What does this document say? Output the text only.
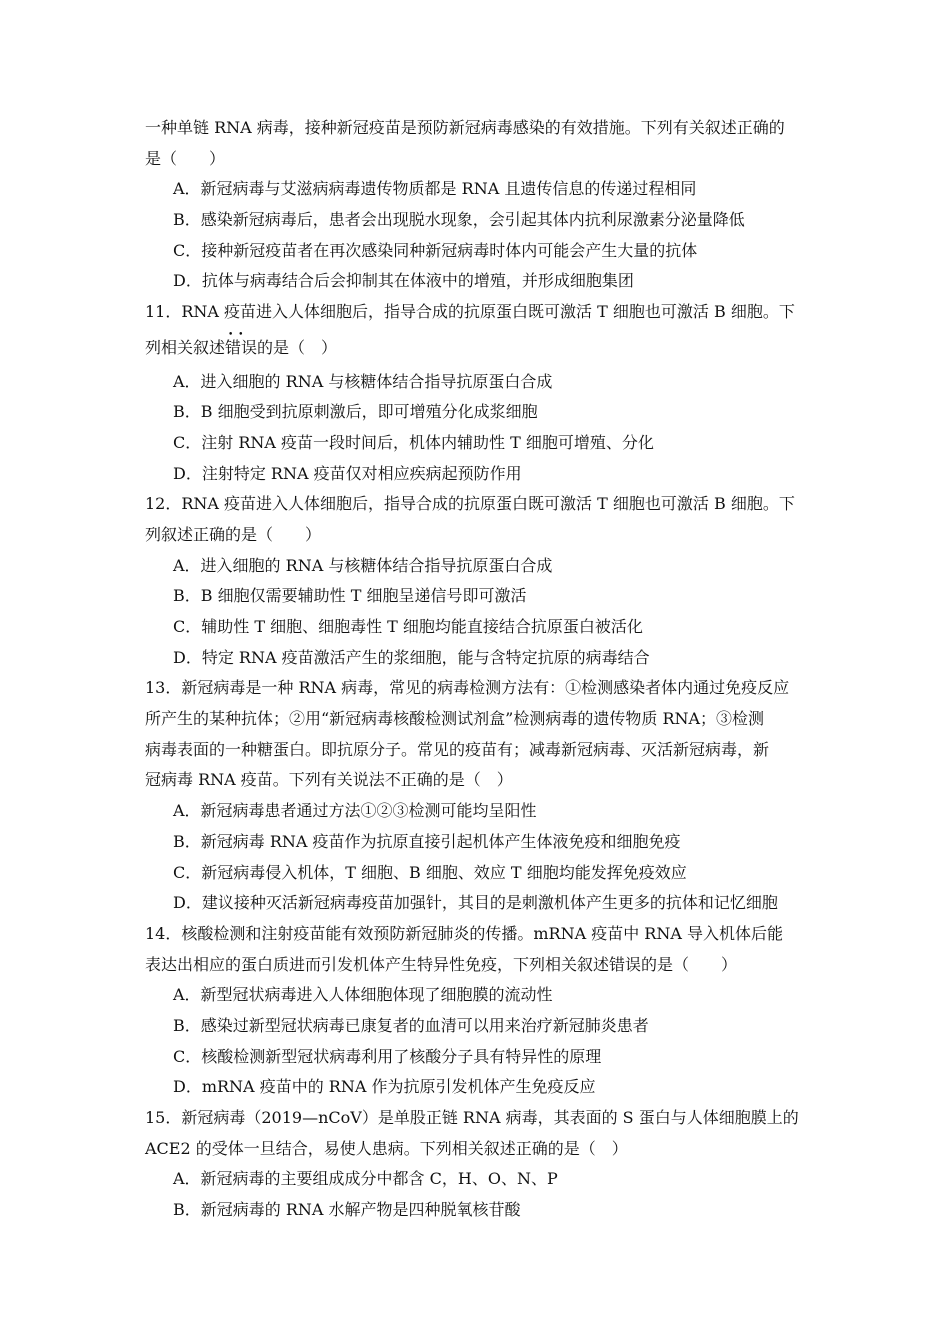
一种单链 RNA 病毒，接种新冠疫苗是预防新冠病毒感染的有效措施。下列有关叙述正确的
是（　　）
A．新冠病毒与艾滋病病毒遗传物质都是 RNA 且遗传信息的传递过程相同
B．感染新冠病毒后，患者会出现脱水现象，会引起其体内抗利尿激素分泌量降低
C．接种新冠疫苗者在再次感染同种新冠病毒时体内可能会产生大量的抗体
D．抗体与病毒结合后会抑制其在体液中的增殖，并形成细胞集团
11．RNA 疫苗进入人体细胞后，指导合成的抗原蛋白既可激活 T 细胞也可激活 B 细胞。下
列相关叙述错误 • •的是（　）
A．进入细胞的 RNA 与核糖体结合指导抗原蛋白合成
B．B 细胞受到抗原刺激后，即可增殖分化成浆细胞
C．注射 RNA 疫苗一段时间后，机体内辅助性 T 细胞可增殖、分化
D．注射特定 RNA 疫苗仅对相应疾病起预防作用
12．RNA 疫苗进入人体细胞后，指导合成的抗原蛋白既可激活 T 细胞也可激活 B 细胞。下
列叙述正确的是（　　）
A．进入细胞的 RNA 与核糖体结合指导抗原蛋白合成
B．B 细胞仅需要辅助性 T 细胞呈递信号即可激活
C．辅助性 T 细胞、细胞毒性 T 细胞均能直接结合抗原蛋白被活化
D．特定 RNA 疫苗激活产生的浆细胞，能与含特定抗原的病毒结合
13．新冠病毒是一种 RNA 病毒，常见的病毒检测方法有：①检测感染者体内通过免疫反应
所产生的某种抗体；②用“新冠病毒核酸检测试剂盒”检测病毒的遗传物质 RNA；③检测
病毒表面的一种糖蛋白。即抗原分子。常见的疫苗有；减毒新冠病毒、灭活新冠病毒，新
冠病毒 RNA 疫苗。下列有关说法不正确的是（　）
A．新冠病毒患者通过方法①②③检测可能均呈阳性
B．新冠病毒 RNA 疫苗作为抗原直接引起机体产生体液免疫和细胞免疫
C．新冠病毒侵入机体，T 细胞、B 细胞、效应 T 细胞均能发挥免疫效应
D．建议接种灭活新冠病毒疫苗加强针，其目的是刺激机体产生更多的抗体和记忆细胞
14．核酸检测和注射疫苗能有效预防新冠肺炎的传播。mRNA 疫苗中 RNA 导入机体后能
表达出相应的蛋白质进而引发机体产生特异性免疫，下列相关叙述错误的是（　　）
A．新型冠状病毒进入人体细胞体现了细胞膜的流动性
B．感染过新型冠状病毒已康复者的血清可以用来治疗新冠肺炎患者
C．核酸检测新型冠状病毒利用了核酸分子具有特异性的原理
D．mRNA 疫苗中的 RNA 作为抗原引发机体产生免疫反应
15．新冠病毒（2019—nCoV）是单股正链 RNA 病毒，其表面的 S 蛋白与人体细胞膜上的
ACE2 的受体一旦结合，易使人患病。下列相关叙述正确的是（　）
A．新冠病毒的主要组成成分中都含 C，H、O、N、P
B．新冠病毒的 RNA 水解产物是四种脱氧核苷酸
